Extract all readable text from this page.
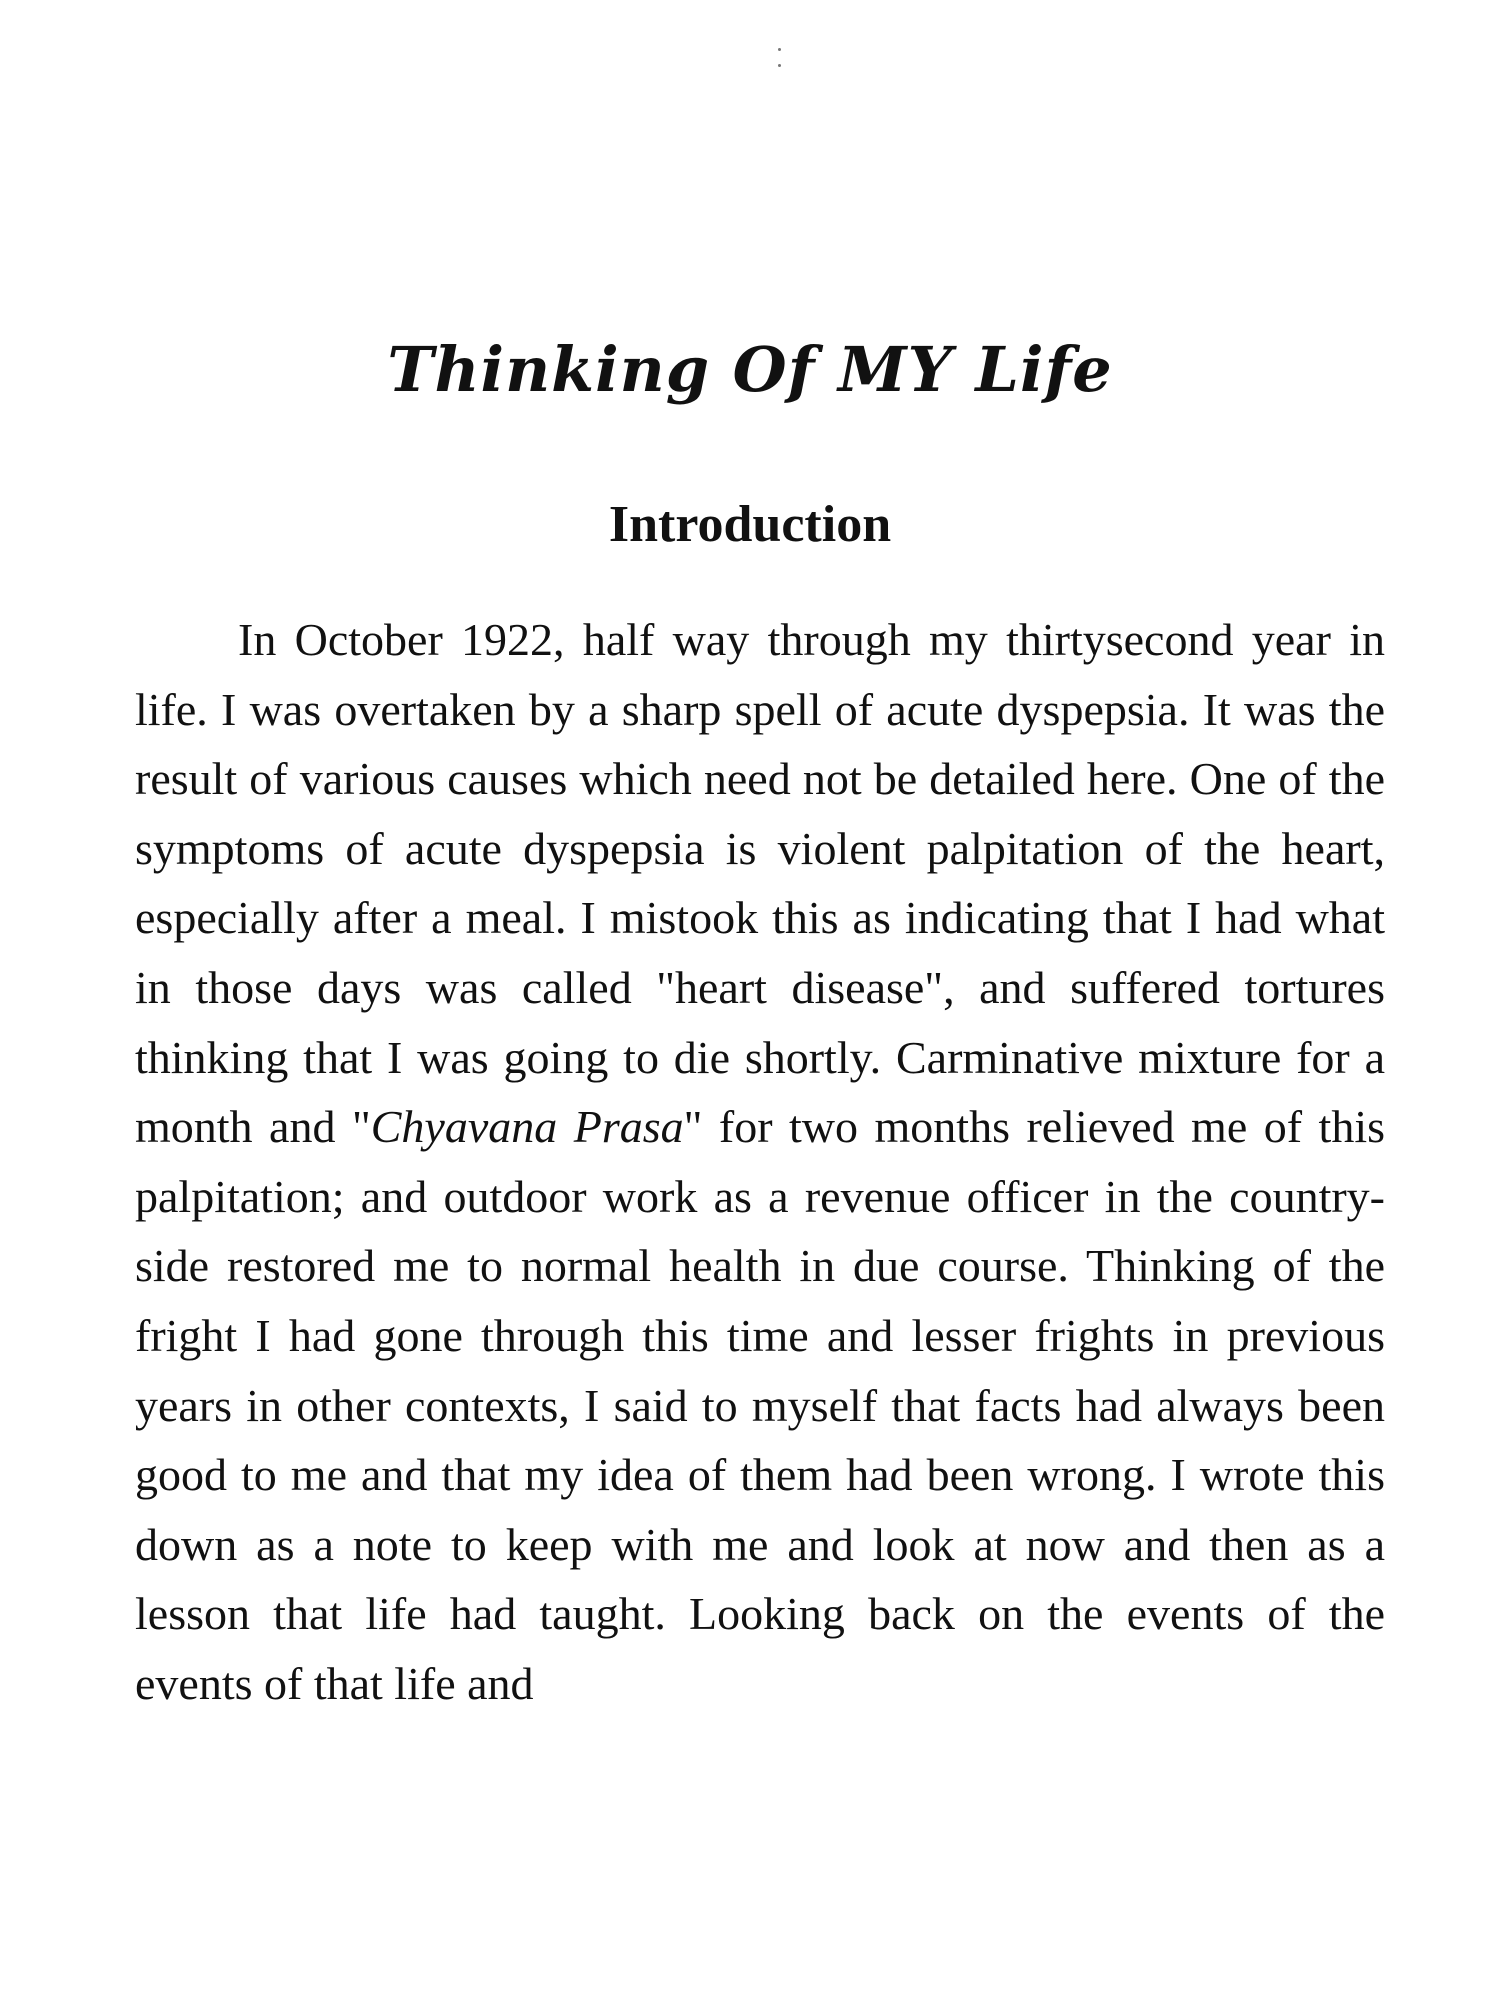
Thinking Of MY Life
Introduction

In October 1922, half way through my thirtysecond year in life. I was overtaken by a sharp spell of acute dyspepsia. It was the result of various causes which need not be detailed here. One of the symptoms of acute dyspepsia is violent palpitation of the heart, especially after a meal. I mistook this as indicating that I had what in those days was called "heart disease", and suffered tortures thinking that I was going to die shortly. Carminative mixture for a month and "Chyavana Prasa" for two months relieved me of this palpitation; and outdoor work as a revenue officer in the country-side restored me to normal health in due course. Thinking of the fright I had gone through this time and lesser frights in previous years in other contexts, I said to myself that facts had always been good to me and that my idea of them had been wrong. I wrote this down as a note to keep with me and look at now and then as a lesson that life had taught. Looking back on the events of the events of that life and
